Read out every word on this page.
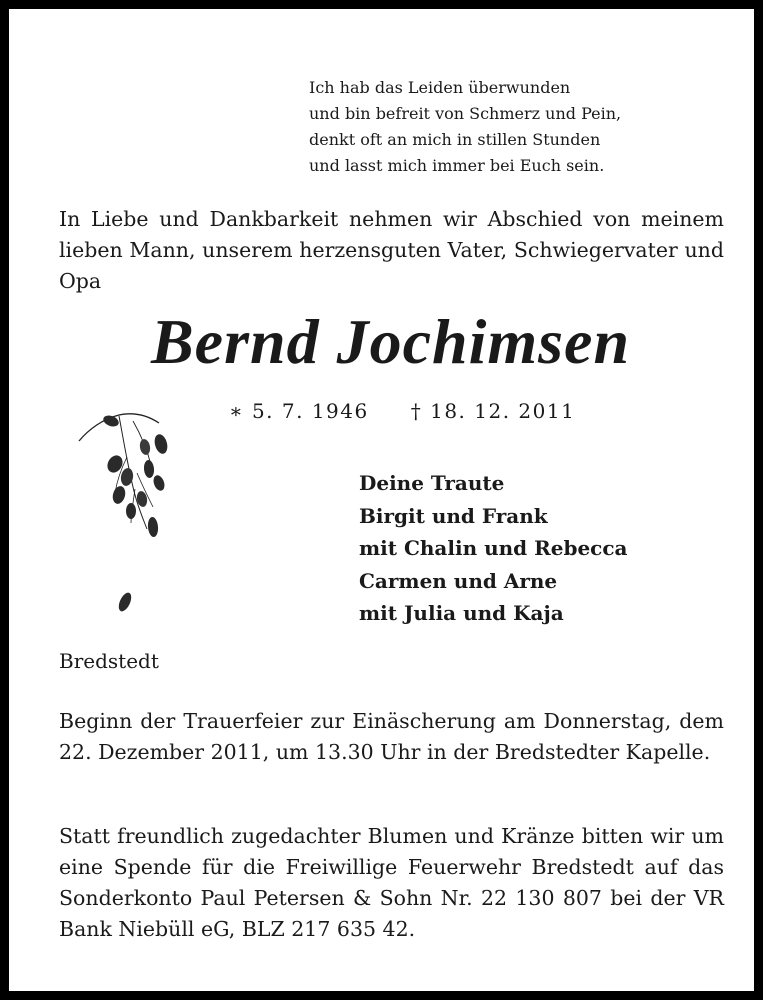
Ich hab das Leiden überwunden
und bin befreit von Schmerz und Pein,
denkt oft an mich in stillen Stunden
und lasst mich immer bei Euch sein.
In Liebe und Dankbarkeit nehmen wir Abschied von meinem lieben Mann, unserem herzensguten Vater, Schwiegervater und Opa
Bernd Jochimsen
∗ 5. 7. 1946 † 18. 12. 2011
Deine Traute
Birgit und Frank
mit Chalin und Rebecca
Carmen und Arne
mit Julia und Kaja
Bredstedt
Beginn der Trauerfeier zur Einäscherung am Donnerstag, dem 22. Dezember 2011, um 13.30 Uhr in der Bredstedter Kapelle.
Statt freundlich zugedachter Blumen und Kränze bitten wir um eine Spende für die Freiwillige Feuerwehr Bredstedt auf das Sonderkonto Paul Petersen & Sohn Nr. 22 130 807 bei der VR Bank Niebüll eG, BLZ 217 635 42.
